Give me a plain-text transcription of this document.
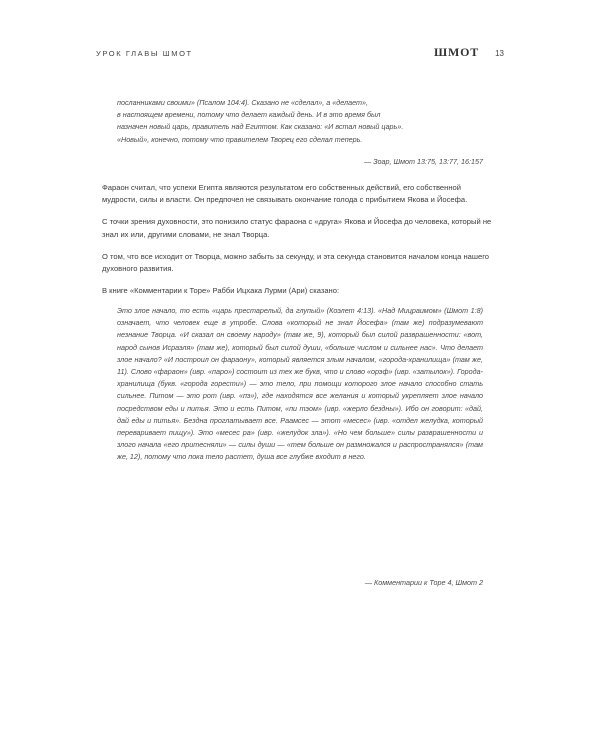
УРОК ГЛАВЫ ШМОТ	ШМОТ 13
посланниками своими» (Псалом 104:4). Сказано не «сделал», а «делает»,
в настоящем времени, потому что делает каждый день. И в это время был
назначен новый царь, правитель над Египтом. Как сказано: «И встал новый царь».
«Новый», конечно, потому что правителем Творец его сделал теперь.
— Зоар, Шмот 13:75, 13:77, 16:157

Фараон считал, что успехи Египта являются результатом его собственных действий, его собственной мудрости, силы и власти. Он предпочел не связывать окончание голода с прибытием Якова и Йосефа.

С точки зрения духовности, это понизило статус фараона с «друга» Якова и Йосефа до человека, который не знал их или, другими словами, не знал Творца.

О том, что все исходит от Творца, можно забыть за секунду, и эта секунда становится началом конца нашего духовного развития.

В книге «Комментарии к Торе» Рабби Ицхака Лурми (Ари) сказано:

Это злое начало, то есть «царь престарелый, да глупый» (Коэлет 4:13). «Над Мицраимом» (Шмот 1:8) означает, что человек еще в утробе. Слова «который не знал Йосефа» (там же) подразумевают незнание Творца. «И сказал он своему народу» (там же, 9), который был силой разврашенности: «вот, народ сынов Исраэля» (там же), который был силой души, «больше числом и сильнее нас». Что делает злое начало? «И построил он фараону», который является злым началом, «города-хранилища» (там же, 11). Слово «фараон» (ивр. «паро») состоит из тех же букв, что и слово «орэф» (ивр. «затылок»). Города-хранилища (букв. «города горести») — это тело, при помощи которого злое начало способно стать сильнее. Питом — это рот (ивр. «пэ»), где находятся все желания и который укрепляет злое начало посредством еды и питья. Это и есть Питом, «пи тэом» (ивр. «жерло бездны»). Ибо он говорит: «дай, дай еды и питья». Бездна проглатывает все. Раамсес — этот «месес» (ивр. «отдел желудка, который переваривает пищу»). Это «месес ра» (ивр. «желудок зла»). «Но чем больше» силы разврашенности и злого начала «его притесняли» — силы души — «тем больше он размножался и распространялся» (там же, 12), потому что пока тело растет, душа все глубже входит в него.
— Комментарии к Торе 4, Шмот 2
